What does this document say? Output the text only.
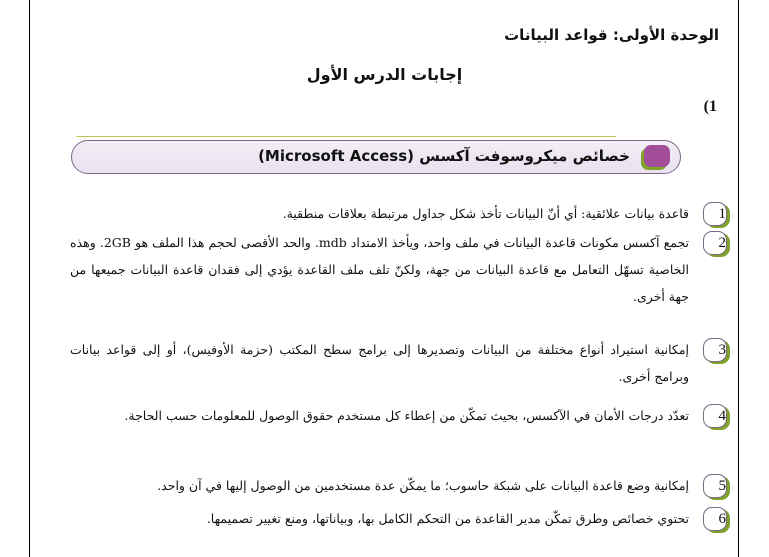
الوحدة الأولى: قواعد البيانات
إجابات الدرس الأول
(1
خصائص ميكروسوفت آكسس (Microsoft Access)
1
قاعدة بيانات علائقية: أي أنّ البيانات تأخذ شكل جداول مرتبطة بعلاقات منطقية.
2
تجمع آكسس مكونات قاعدة البيانات في ملف واحد، ويأخذ الامتداد mdb. والحد الأقصى لحجم هذا الملف هو 2GB. وهذه الخاصية تسهّل التعامل مع قاعدة البيانات من جهة، ولكنّ تلف ملف القاعدة يؤدي إلى فقدان قاعدة البيانات جميعها من جهة أخرى.
3
إمكانية استيراد أنواع مختلفة من البيانات وتصديرها إلى برامج سطح المكتب (حزمة الأوفيس)، أو إلى قواعد بيانات وبرامج أخرى.
4
تعدّد درجات الأمان في الآكسس، بحيث تمكّن من إعطاء كل مستخدم حقوق الوصول للمعلومات حسب الحاجة.
5
إمكانية وضع قاعدة البيانات على شبكة حاسوب؛ ما يمكّن عدة مستخدمين من الوصول إليها في آن واحد.
6
تحتوي خصائص وطرق تمكّن مدير القاعدة من التحكم الكامل بها، وبياناتها، ومنع تغيير تصميمها.
